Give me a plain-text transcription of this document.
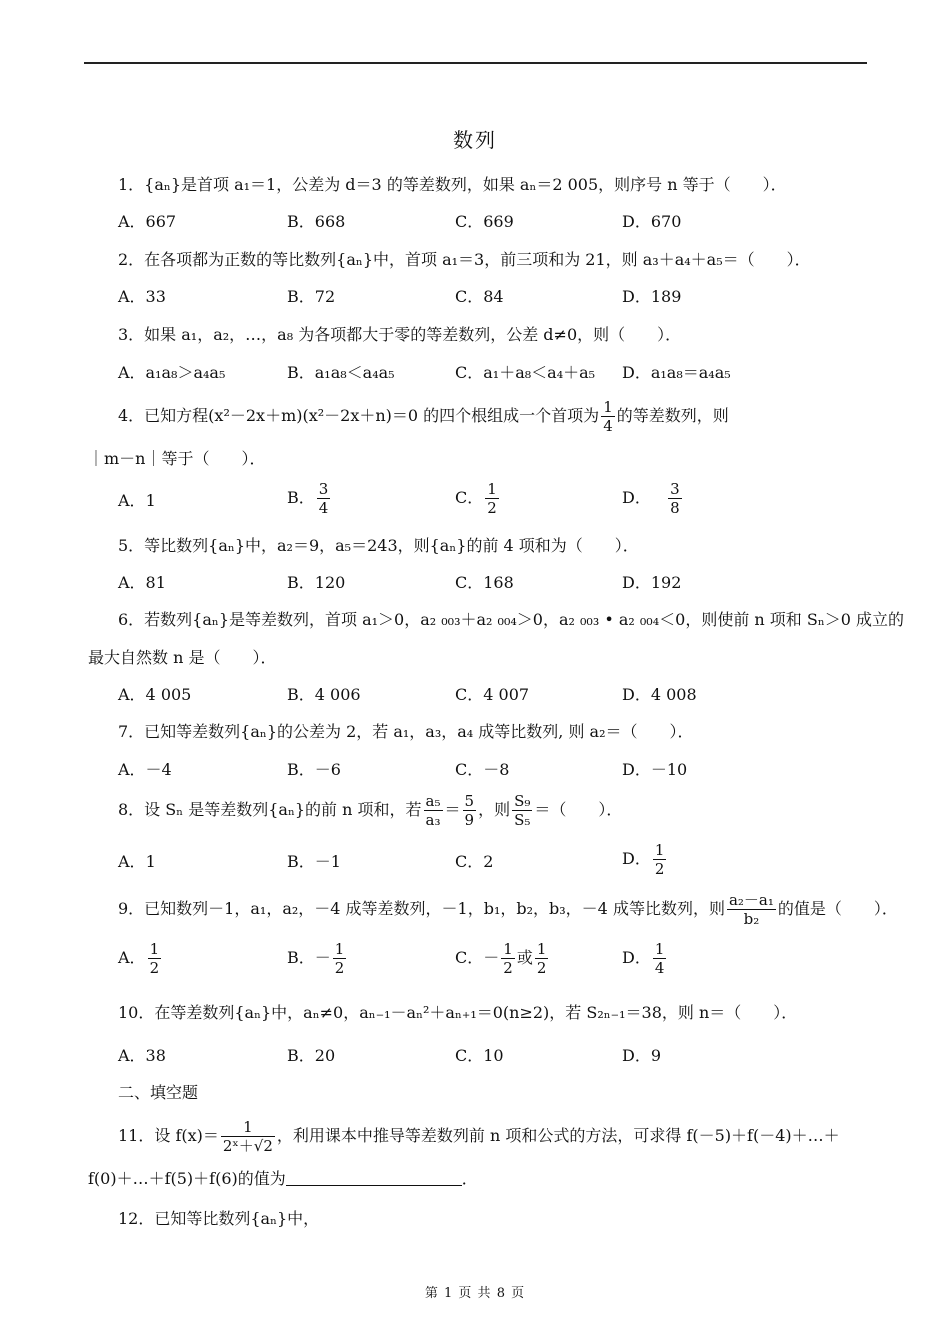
数列
1．{aₙ}是首项 a₁＝1，公差为 d＝3 的等差数列，如果 aₙ＝2 005，则序号 n 等于（　　）．
A．667	B．668	C．669	D．670
2．在各项都为正数的等比数列{aₙ}中，首项 a₁＝3，前三项和为 21，则 a₃＋a₄＋a₅＝（　　）．
A．33	B．72	C．84	D．189
3．如果 a₁，a₂，…，a₈ 为各项都大于零的等差数列，公差 d≠0，则（　　）．
A．a₁a₈＞a₄a₅	B．a₁a₈＜a₄a₅	C．a₁＋a₈＜a₄＋a₅ D．a₁a₈＝a₄a₅
4．已知方程(x²－2x＋m)(x²－2x＋n)＝0 的四个根组成一个首项为 $\frac{1}{4}$ 的等差数列，则
｜m－n｜等于（　　）．
A．1	B． $\frac{3}{4}$	C． $\frac{1}{2}$	D． $\frac{3}{8}$
5．等比数列{aₙ}中，a₂＝9，a₅＝243，则{aₙ}的前 4 项和为（　　）．
A．81	B．120	C．168	D．192
6．若数列{aₙ}是等差数列，首项 a₁＞0，a₂ ₀₀₃＋a₂ ₀₀₄＞0，a₂ ₀₀₃ • a₂ ₀₀₄＜0，则使前 n 项和 Sₙ＞0 成立的
最大自然数 n 是（　　）．
A．4 005	B．4 006	C．4 007	D．4 008
7．已知等差数列{aₙ}的公差为 2，若 a₁，a₃，a₄ 成等比数列, 则 a₂＝（　　）．
A．－4	B．－6	C．－8	D．－10
8．设 Sₙ 是等差数列{aₙ}的前 n 项和，若 $\frac{\text{a₅}}{\text{a₃}} = \frac{5}{9}$ ，则 $\frac{\text{S₉}}{\text{S₅}}$ ＝（　　）．
A．1	B．－1	C．2	D． $\frac{1}{2}$
9．已知数列－1，a₁，a₂，－4 成等差数列，－1，b₁，b₂，b₃，－4 成等比数列，则 $\frac{\text{a₂－a₁}}{\text{b₂}}$ 的值是（　　）．
A． $\frac{1}{2}$	B．－ $\frac{1}{2}$	C．－ $\frac{1}{2}$ 或 $\frac{1}{2}$	D． $\frac{1}{4}$
10．在等差数列{aₙ}中，aₙ≠0，aₙ₋₁－aₙ²＋aₙ₊₁＝0(n≥2)，若 S₂ₙ₋₁＝38，则 n＝（　　）．
A．38	B．20	C．10	D．9
二、填空题
11．设 $f(x)= \frac{1}{\text{2ˣ＋√2}}$ ，利用课本中推导等差数列前 n 项和公式的方法，可求得 f(－5)＋f(－4)＋…＋
f(0)＋…＋f(5)＋f(6)的值为	．
12．已知等比数列{aₙ}中，
第 1 页 共 8 页
